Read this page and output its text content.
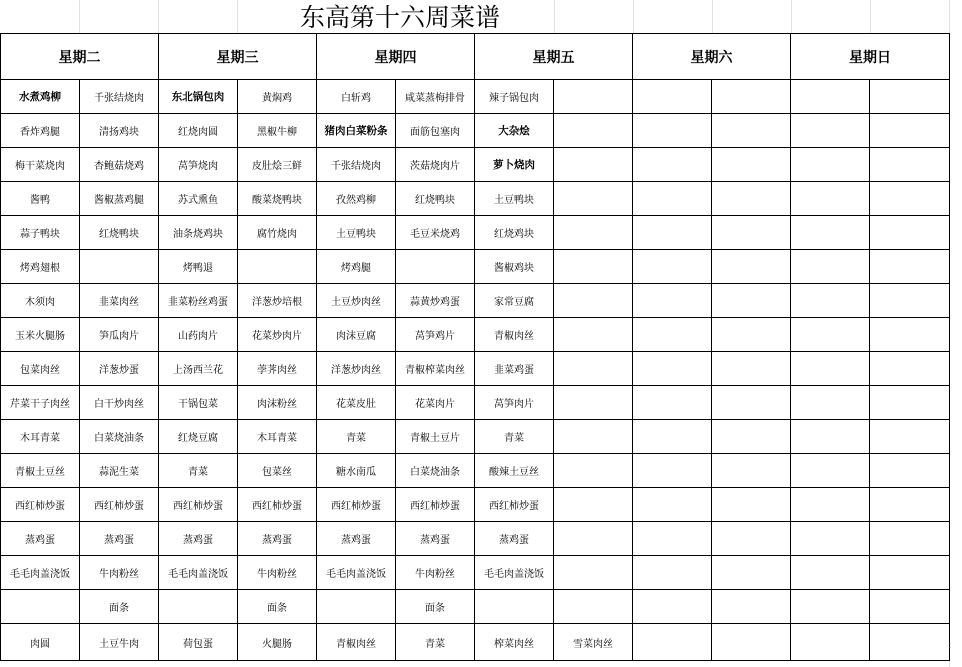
东高第十六周菜谱
星期二		星期三		星期四		星期五		星期六		星期日	
水煮鸡柳	千张结烧肉	东北锅包肉	黄焖鸡	白斩鸡	咸菜蒸梅排骨	辣子锅包肉					
香炸鸡腿	清扬鸡块	红烧肉圆	黑椒牛柳	猪肉白菜粉条	面筋包塞肉	大杂烩					
梅干菜烧肉	杏鲍菇烧鸡	莴笋烧肉	皮肚烩三鲜	千张结烧肉	茨菇烧肉片	萝卜烧肉					
酱鸭	酱椒蒸鸡腿	苏式熏鱼	酸菜烧鸭块	孜然鸡柳	红烧鸭块	土豆鸭块					
蒜子鸭块	红烧鸭块	油条烧鸡块	腐竹烧肉	土豆鸭块	毛豆米烧鸡	红烧鸡块					
烤鸡翅根		烤鸭退		烤鸡腿		酱椒鸡块					
木须肉	韭菜肉丝	韭菜粉丝鸡蛋	洋葱炒培根	土豆炒肉丝	蒜黄炒鸡蛋	家常豆腐					
玉米火腿肠	笋瓜肉片	山药肉片	花菜炒肉片	肉沫豆腐	莴笋鸡片	青椒肉丝					
包菜肉丝	洋葱炒蛋	上汤西兰花	荸荠肉丝	洋葱炒肉丝	青椒榨菜肉丝	韭菜鸡蛋					
芹菜干子肉丝	白干炒肉丝	干锅包菜	肉沫粉丝	花菜皮肚	花菜肉片	莴笋肉片					
木耳青菜	白菜烧油条	红烧豆腐	木耳青菜	青菜	青椒土豆片	青菜					
青椒土豆丝	蒜泥生菜	青菜	包菜丝	糖水南瓜	白菜烧油条	酸辣土豆丝					
西红柿炒蛋	西红柿炒蛋	西红柿炒蛋	西红柿炒蛋	西红柿炒蛋	西红柿炒蛋	西红柿炒蛋					
蒸鸡蛋	蒸鸡蛋	蒸鸡蛋	蒸鸡蛋	蒸鸡蛋	蒸鸡蛋	蒸鸡蛋					
毛毛肉盖浇饭	牛肉粉丝	毛毛肉盖浇饭	牛肉粉丝	毛毛肉盖浇饭	牛肉粉丝	毛毛肉盖浇饭					
	面条		面条		面条						
肉圆	土豆牛肉	荷包蛋	火腿肠	青椒肉丝	青菜	榨菜肉丝	雪菜肉丝					:
